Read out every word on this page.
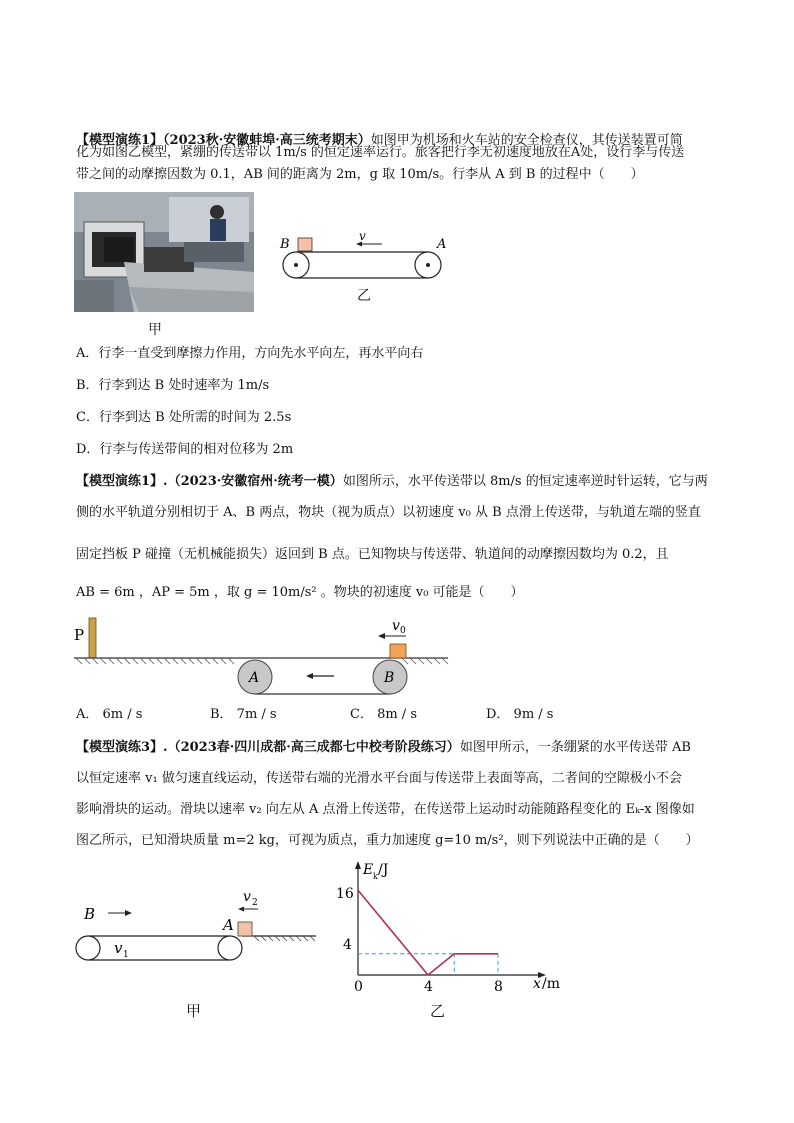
【模型演练1】（2023秋·安徽蚌埠·高三统考期末）如图甲为机场和火车站的安全检查仪，其传送装置可简
化为如图乙模型，紧绷的传送带以 1m/s 的恒定速率运行。旅客把行李无初速度地放在A处，设行李与传送
带之间的动摩擦因数为 0.1，AB 间的距离为 2m，g 取 10m/s。行李从 A 到 B 的过程中（　　）
甲
B	A
v
乙
A．行李一直受到摩擦力作用，方向先水平向左，再水平向右
B．行李到达 B 处时速率为 1m/s
C．行李到达 B 处所需的时间为 2.5s
D．行李与传送带间的相对位移为 2m
【模型演练1】.（2023·安徽宿州·统考一模）如图所示，水平传送带以 8m/s 的恒定速率逆时针运转，它与两
侧的水平轨道分别相切于 A、B 两点，物块（视为质点）以初速度 v₀ 从 B 点滑上传送带，与轨道左端的竖直
固定挡板 P 碰撞（无机械能损失）返回到 B 点。已知物块与传送带、轨道间的动摩擦因数均为 0.2，且
AB = 6m ，AP = 5m ，取 g = 10m/s² 。物块的初速度 v₀ 可能是（　　）
P
A	B
v 0
A． 6m / s	B． 7m / s	C． 8m / s	D． 9m / s
【模型演练3】.（2023春·四川成都·高三成都七中校考阶段练习）如图甲所示，一条绷紧的水平传送带 AB
以恒定速率 v₁ 做匀速直线运动，传送带右端的光滑水平台面与传送带上表面等高，二者间的空隙极小不会
影响滑块的运动。滑块以速率 v₂ 向左从 A 点滑上传送带，在传送带上运动时动能随路程变化的 Eₖ-x 图像如
图乙所示，已知滑块质量 m=2 kg，可视为质点，重力加速度 g=10 m/s²，则下列说法中正确的是（　　）
B
A
v 1
v 2
甲
E k /J
x /m
16
4
0	4	8
乙
